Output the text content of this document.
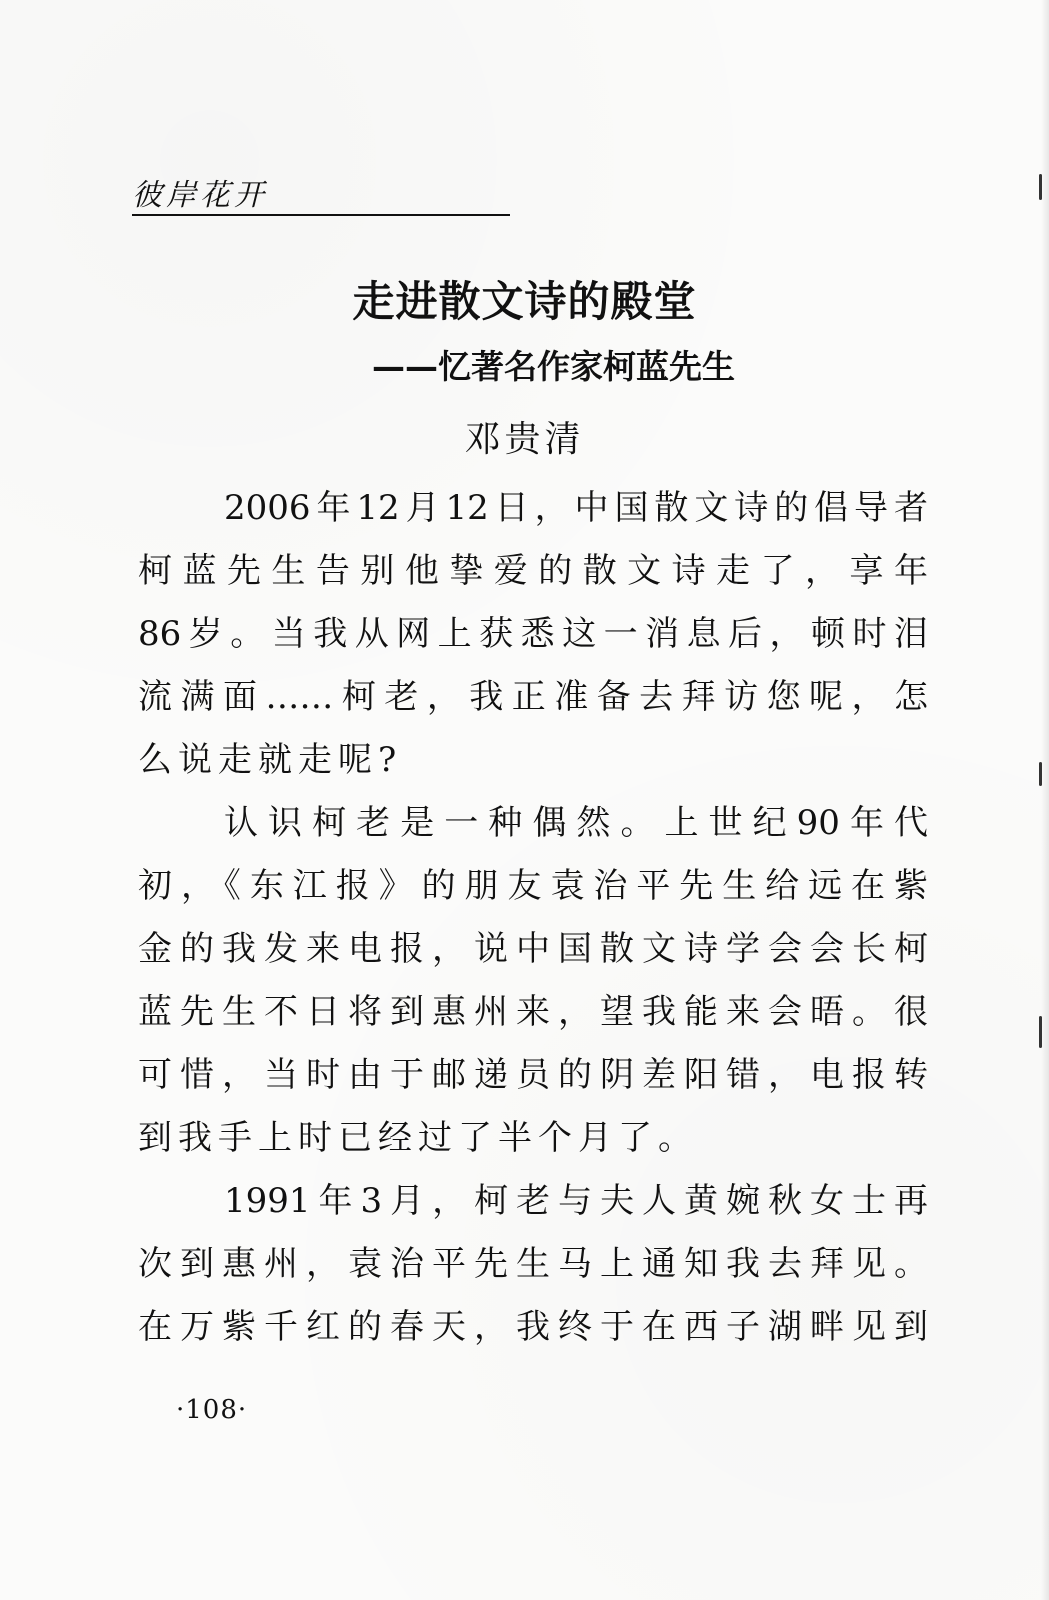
彼岸花开
走进散文诗的殿堂
——忆著名作家柯蓝先生
邓贵清
2006年12月12日，中国散文诗的倡导者
柯蓝先生告别他挚爱的散文诗走了，享年
86岁。当我从网上获悉这一消息后，顿时泪
流满面……柯老，我正准备去拜访您呢，怎
么说走就走呢?
认识柯老是一种偶然。上世纪90年代
初，《东江报》的朋友袁治平先生给远在紫
金的我发来电报，说中国散文诗学会会长柯
蓝先生不日将到惠州来，望我能来会晤。很
可惜，当时由于邮递员的阴差阳错，电报转
到我手上时已经过了半个月了。
1991年3月，柯老与夫人黄婉秋女士再
次到惠州，袁治平先生马上通知我去拜见。
在万紫千红的春天，我终于在西子湖畔见到
·108·
